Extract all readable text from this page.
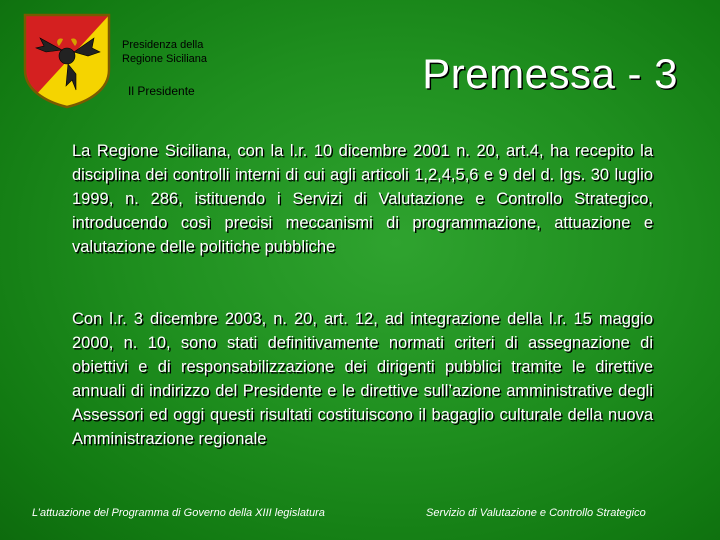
Presidenza della
Regione Siciliana
Il Presidente	Premessa - 3

La Regione Siciliana, con la l.r. 10 dicembre 2001 n. 20, art.4, ha recepito la disciplina dei controlli interni di cui agli articoli 1,2,4,5,6 e 9 del d. lgs. 30 luglio 1999, n. 286, istituendo i Servizi di Valutazione e Controllo Strategico, introducendo così precisi meccanismi di programmazione, attuazione e valutazione delle politiche pubbliche

Con l.r. 3 dicembre 2003, n. 20, art. 12, ad integrazione della l.r. 15 maggio 2000, n. 10, sono stati definitivamente normati criteri di assegnazione di obiettivi e di responsabilizzazione dei dirigenti pubblici tramite le direttive annuali di indirizzo del Presidente e le direttive sull’azione amministrative degli Assessori ed oggi questi risultati costituiscono il bagaglio culturale della nuova Amministrazione regionale

L’attuazione del Programma di Governo della XIII legislatura	Servizio di Valutazione e Controllo Strategico
